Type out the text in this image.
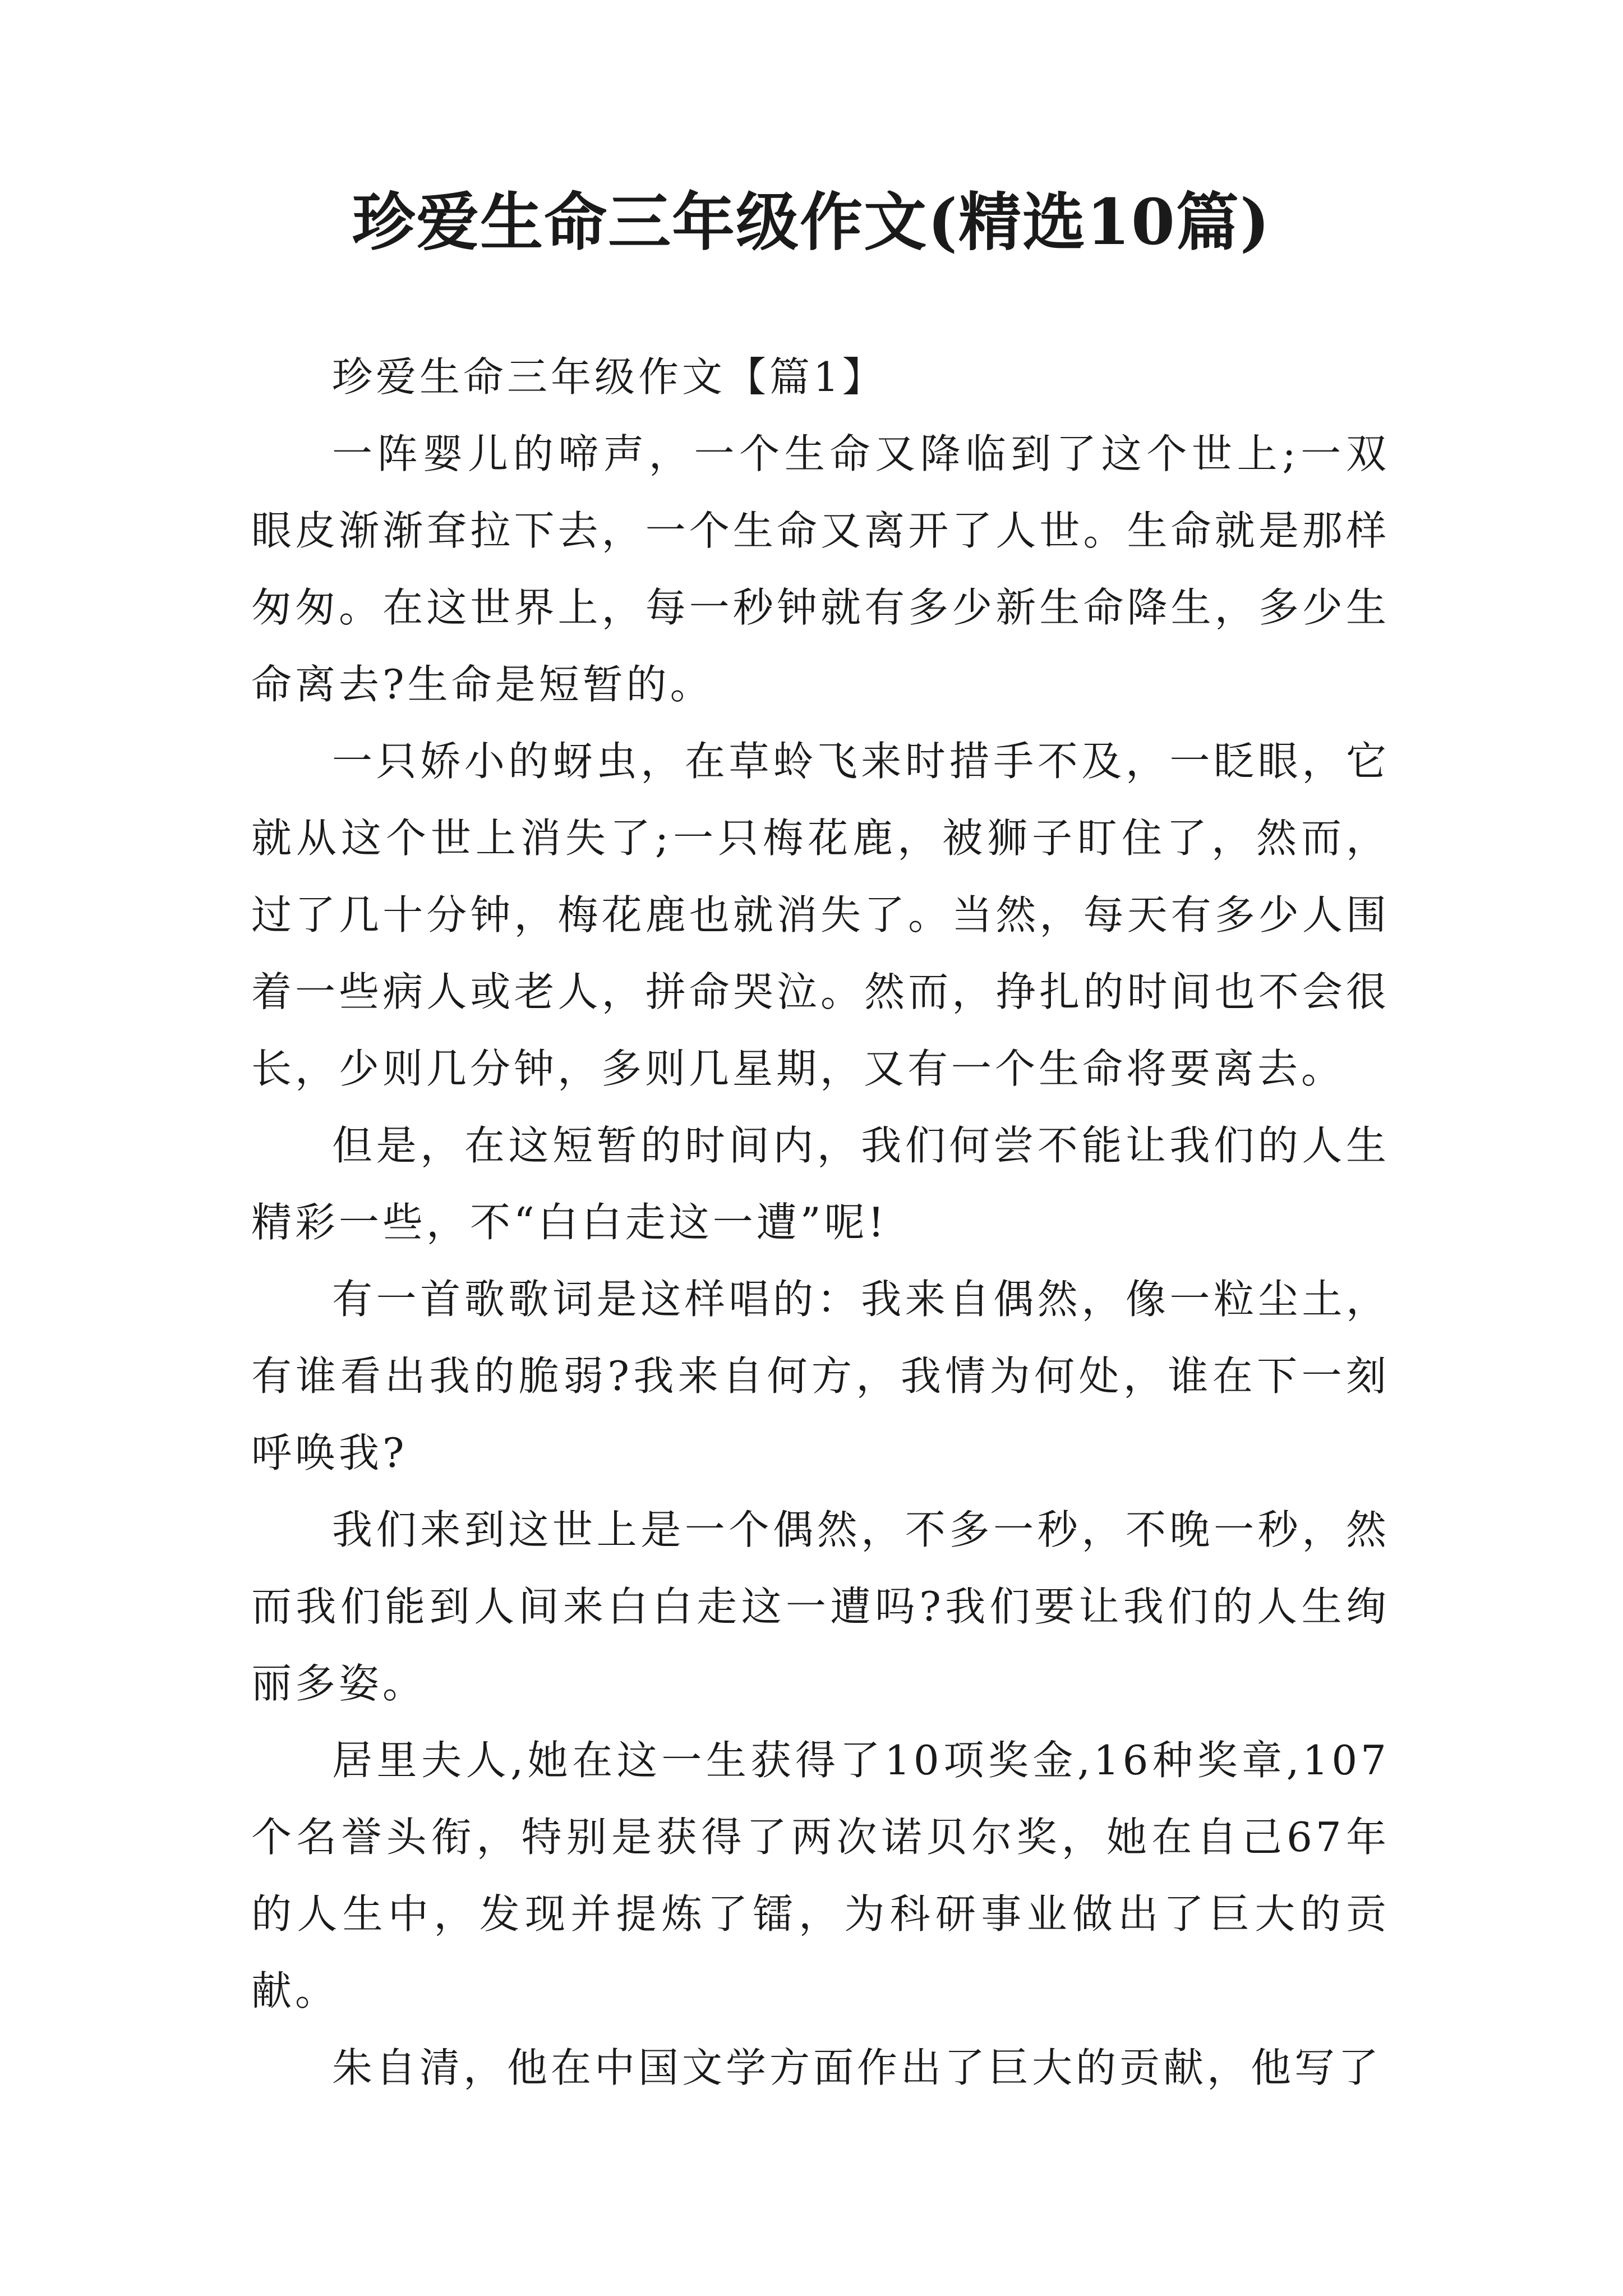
珍爱生命三年级作文(精选10篇)

珍爱生命三年级作文【篇1】

一阵婴儿的啼声，一个生命又降临到了这个世上;一双眼皮渐渐耷拉下去，一个生命又离开了人世。生命就是那样匆匆。在这世界上，每一秒钟就有多少新生命降生，多少生命离去?生命是短暂的。

一只娇小的蚜虫，在草蛉飞来时措手不及，一眨眼，它就从这个世上消失了;一只梅花鹿，被狮子盯住了，然而，过了几十分钟，梅花鹿也就消失了。当然，每天有多少人围着一些病人或老人，拼命哭泣。然而，挣扎的时间也不会很长，少则几分钟，多则几星期，又有一个生命将要离去。

但是，在这短暂的时间内，我们何尝不能让我们的人生精彩一些，不“白白走这一遭”呢!

有一首歌歌词是这样唱的：我来自偶然，像一粒尘土，有谁看出我的脆弱?我来自何方，我情为何处，谁在下一刻呼唤我?

我们来到这世上是一个偶然，不多一秒，不晚一秒，然而我们能到人间来白白走这一遭吗?我们要让我们的人生绚丽多姿。

居里夫人,她在这一生获得了10项奖金,16种奖章,107个名誉头衔，特别是获得了两次诺贝尔奖，她在自己67年的人生中，发现并提炼了镭，为科研事业做出了巨大的贡献。

朱自清，他在中国文学方面作出了巨大的贡献，他写了
